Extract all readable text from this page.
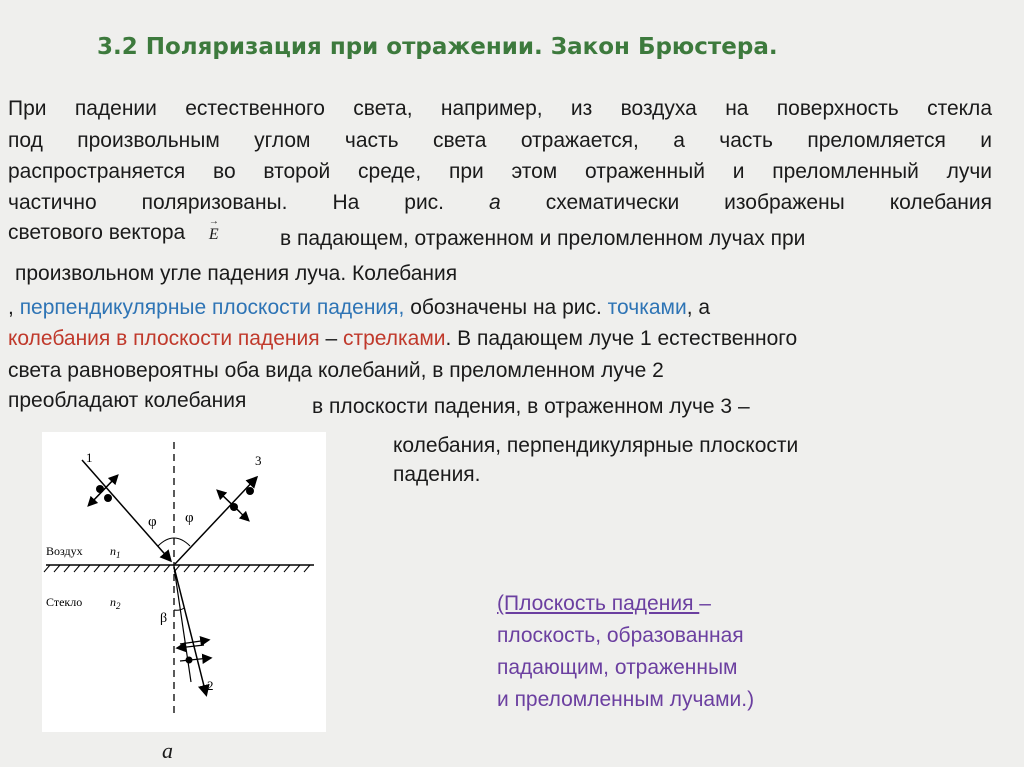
3.2 Поляризация при отражении. Закон Брюстера.
При падении естественного света, например, из воздуха на поверхность стекла
под произвольным углом часть света отражается, а часть преломляется и
распространяется во второй среде, при этом отраженный и преломленный лучи
частично поляризованы. На рис. а схематически изображены колебания
светового вектора  → E	в падающем, отраженном и преломленном лучах при
произвольном угле падения луча. Колебания
, перпендикулярные плоскости падения, обозначены на рис. точками, а
колебания в плоскости падения – стрелками. В падающем луче 1 естественного
света равновероятны оба вида колебаний, в преломленном луче 2
преобладают колебания	в плоскости падения, в отраженном луче 3 –
колебания, перпендикулярные плоскости
падения.
1	3
2
φ φ
β
Воздух $n_1$
Стекло $n_2$
а
(Плоскость падения –
плоскость, образованная
падающим, отраженным
и преломленным лучами.)
